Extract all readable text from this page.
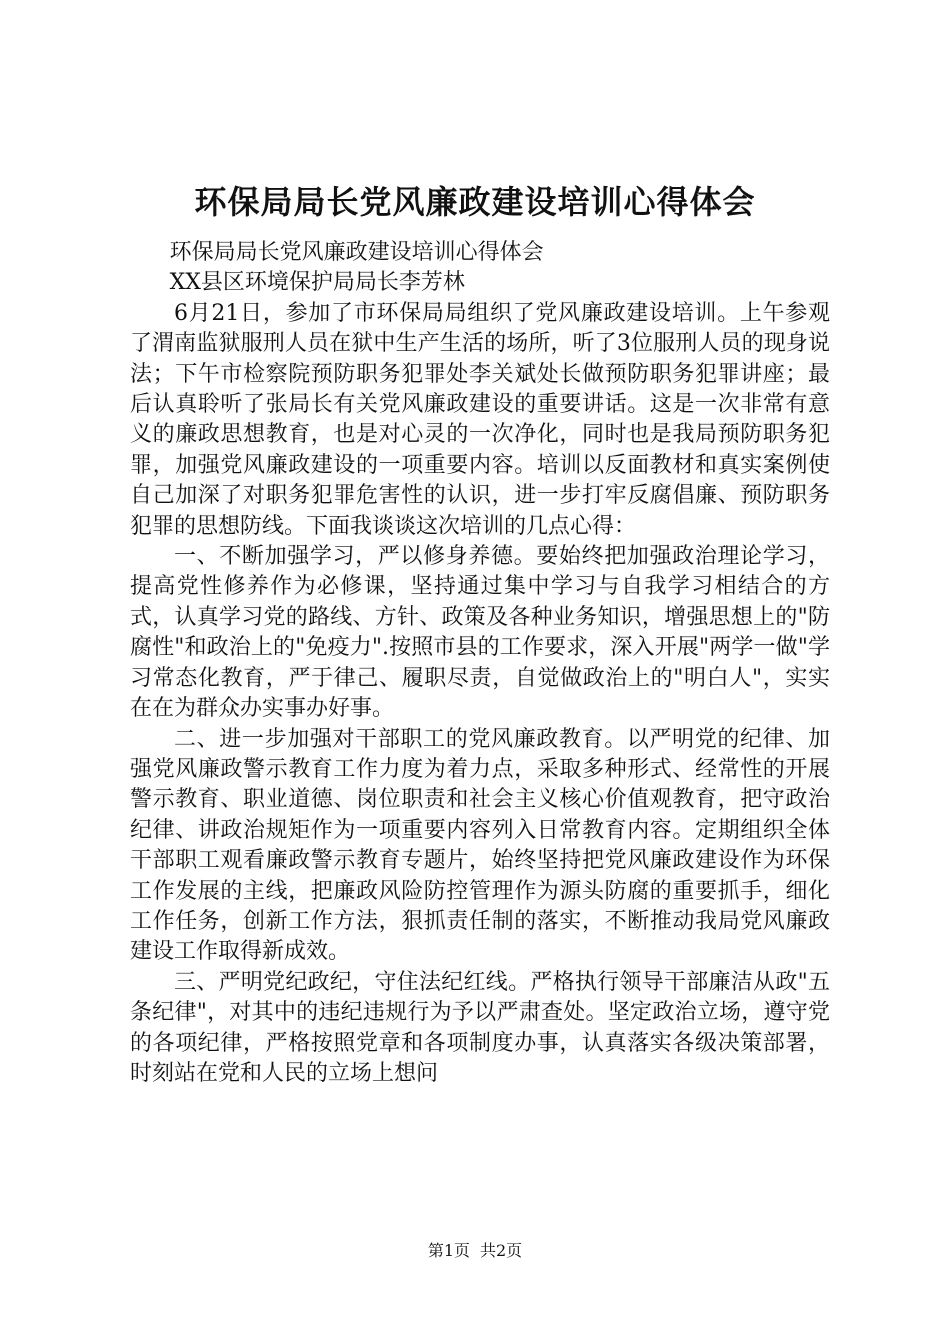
环保局局长党风廉政建设培训心得体会

环保局局长党风廉政建设培训心得体会

XX县区环境保护局局长李芳林

6月21日，参加了市环保局局组织了党风廉政建设培训。上午参观了渭南监狱服刑人员在狱中生产生活的场所，听了3位服刑人员的现身说法；下午市检察院预防职务犯罪处李关斌处长做预防职务犯罪讲座；最后认真聆听了张局长有关党风廉政建设的重要讲话。这是一次非常有意义的廉政思想教育，也是对心灵的一次净化，同时也是我局预防职务犯罪，加强党风廉政建设的一项重要内容。培训以反面教材和真实案例使自己加深了对职务犯罪危害性的认识，进一步打牢反腐倡廉、预防职务犯罪的思想防线。下面我谈谈这次培训的几点心得：

一、不断加强学习，严以修身养德。要始终把加强政治理论学习，提高党性修养作为必修课，坚持通过集中学习与自我学习相结合的方式，认真学习党的路线、方针、政策及各种业务知识，增强思想上的"防腐性"和政治上的"免疫力".按照市县的工作要求，深入开展"两学一做"学习常态化教育，严于律己、履职尽责，自觉做政治上的"明白人"，实实在在为群众办实事办好事。

二、进一步加强对干部职工的党风廉政教育。以严明党的纪律、加强党风廉政警示教育工作力度为着力点，采取多种形式、经常性的开展警示教育、职业道德、岗位职责和社会主义核心价值观教育，把守政治纪律、讲政治规矩作为一项重要内容列入日常教育内容。定期组织全体干部职工观看廉政警示教育专题片，始终坚持把党风廉政建设作为环保工作发展的主线，把廉政风险防控管理作为源头防腐的重要抓手，细化工作任务，创新工作方法，狠抓责任制的落实，不断推动我局党风廉政建设工作取得新成效。

三、严明党纪政纪，守住法纪红线。严格执行领导干部廉洁从政"五条纪律"，对其中的违纪违规行为予以严肃查处。坚定政治立场，遵守党的各项纪律，严格按照党章和各项制度办事，认真落实各级决策部署，时刻站在党和人民的立场上想问

第1页 共2页
